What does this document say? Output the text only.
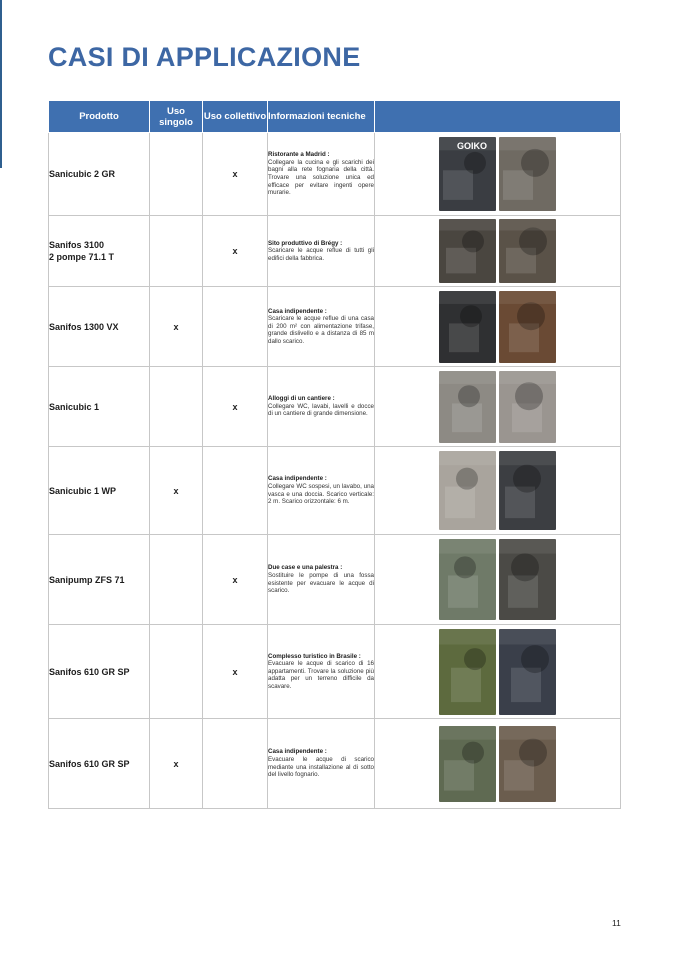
CASI DI APPLICAZIONE
Prodotto	Uso singolo	Uso collettivo	Informazioni tecniche	
Sanicubic 2 GR		x	Ristorante a Madrid :
Collegare la cucina e gli scarichi dei bagni alla rete fognaria della città. Trovare una soluzione unica ed efficace per evitare ingenti opere murarie.	GOIKO

Sanifos 3100
2 pompe 71.1 T		x	Sito produttivo di Brégy :
Scaricare le acque reflue di tutti gli edifici della fabbrica.	

Sanifos 1300 VX	x		Casa indipendente :
Scaricare le acque reflue di una casa di 200 m² con alimentazione trifase, grande dislivello e a distanza di 85 m dallo scarico.	

Sanicubic 1		x	Alloggi di un cantiere :
Collegare WC, lavabi, lavelli e docce di un cantiere di grande dimensione.	

Sanicubic 1 WP	x		Casa indipendente :
Collegare WC sospesi, un lavabo, una vasca e una doccia. Scarico verticale: 2 m. Scarico orizzontale: 6 m.	

Sanipump ZFS 71		x	Due case e una palestra :
Sostituire le pompe di una fossa esistente per evacuare le acque di scarico.	

Sanifos 610 GR SP		x	Complesso turistico in Brasile :
Evacuare le acque di scarico di 16 appartamenti. Trovare la soluzione più adatta per un terreno difficile da scavare.	

Sanifos 610 GR SP	x		Casa indipendente :
Evacuare le acque di scarico mediante una installazione al di sotto del livello fognario.	
11
